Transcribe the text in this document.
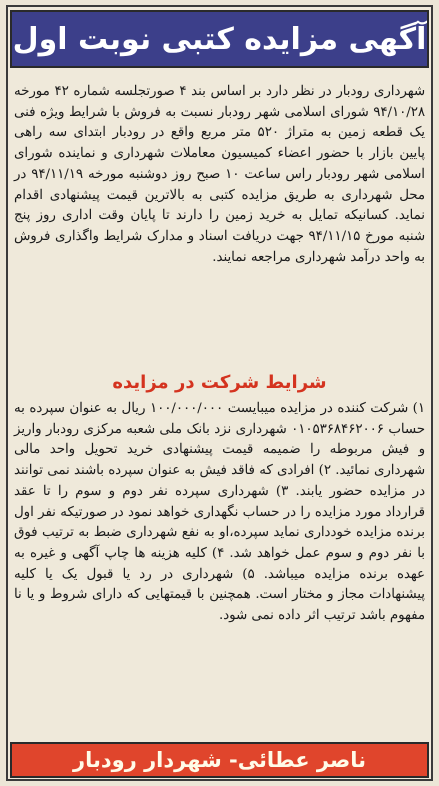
آگهی مزایده کتبی نوبت اول

شهرداری رودبار در نظر دارد بر اساس بند ۴ صورتجلسه شماره ۴۲ مورخه ۹۴/۱۰/۲۸ شورای اسلامی شهر رودبار نسبت به فروش با شرایط ویژه فنی یک قطعه زمین به متراژ ۵۲۰ متر مربع واقع در رودبار ابتدای سه راهی پایین بازار با حضور اعضاء کمیسیون معاملات شهرداری و نماینده شورای اسلامی شهر رودبار راس ساعت ۱۰ صبح روز دوشنبه مورخه ۹۴/۱۱/۱۹ در محل شهرداری به طریق مزایده کتبی به بالاترین قیمت پیشنهادی اقدام نماید. کسانیکه تمایل به خرید زمین را دارند تا پایان وقت اداری روز پنج شنبه مورخ ۹۴/۱۱/۱۵ جهت دریافت اسناد و مدارک شرایط واگذاری فروش به واحد درآمد شهرداری مراجعه نمایند.

شرایط شرکت در مزایده

۱) شرکت کننده در مزایده میبایست ۱۰۰/۰۰۰/۰۰۰ ریال به عنوان سپرده به حساب ۰۱۰۵۳۶۸۴۶۲۰۰۶ شهرداری نزد بانک ملی شعبه مرکزی رودبار واریز و فیش مربوطه را ضمیمه قیمت پیشنهادی خرید تحویل واحد مالی شهرداری نمائید. ۲) افرادی که فاقد فیش به عنوان سپرده باشند نمی توانند در مزایده حضور یابند. ۳) شهرداری سپرده نفر دوم و سوم را تا عقد قرارداد مورد مزایده را در حساب نگهداری خواهد نمود در صورتیکه نفر اول برنده مزایده خودداری نماید سپرده،او به نفع شهرداری ضبط به ترتیب فوق با نفر دوم و سوم عمل خواهد شد. ۴) کلیه هزینه ها چاپ آگهی و غیره به عهده برنده مزایده میباشد. ۵) شهرداری در رد یا قبول یک یا کلیه پیشنهادات مجاز و مختار است. همچنین با قیمتهایی که دارای شروط و یا نا مفهوم باشد ترتیب اثر داده نمی شود.

ناصر عطائی- شهردار رودبار
